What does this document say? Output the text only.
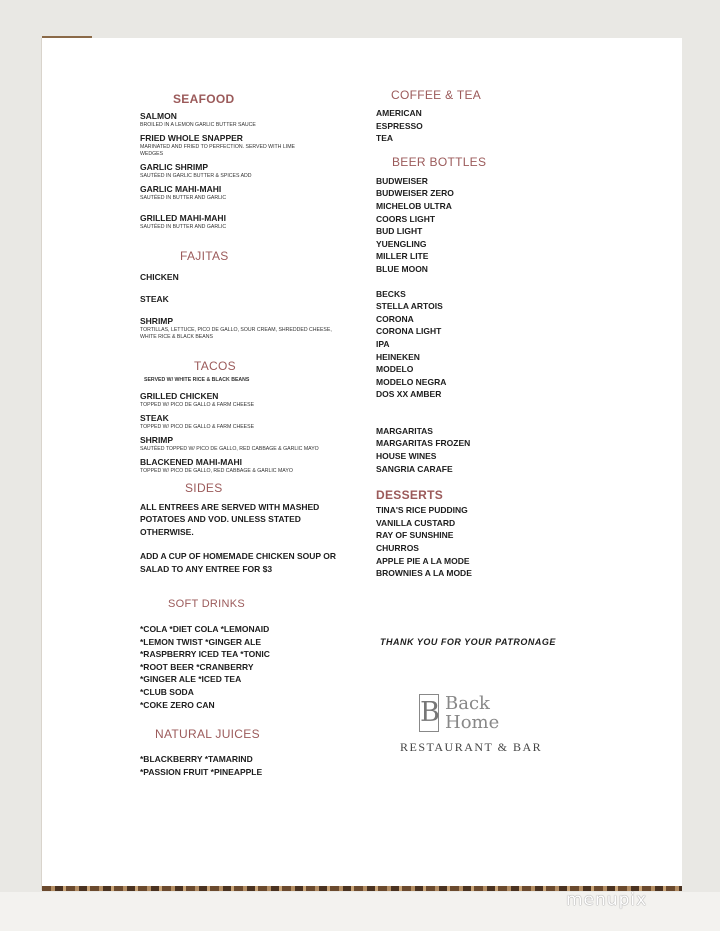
SEAFOOD
SALMON
BROILED IN A LEMON GARLIC BUTTER SAUCE
FRIED WHOLE SNAPPER
MARINATED AND FRIED TO PERFECTION. SERVED WITH LIME WEDGES
GARLIC SHRIMP
SAUTÉED IN GARLIC BUTTER & SPICES ADD
GARLIC MAHI-MAHI
SAUTÉED IN BUTTER AND GARLIC
GRILLED MAHI-MAHI
SAUTÉED IN BUTTER AND GARLIC
FAJITAS
CHICKEN
STEAK
SHRIMP
TORTILLAS, LETTUCE, PICO DE GALLO, SOUR CREAM, SHREDDED CHEESE, WHITE RICE & BLACK BEANS
TACOS
SERVED W/ WHITE RICE & BLACK BEANS
GRILLED CHICKEN
TOPPED W/ PICO DE GALLO & FARM CHEESE
STEAK
TOPPED W/ PICO DE GALLO & FARM CHEESE
SHRIMP
SAUTÉED TOPPED W/ PICO DE GALLO, RED CABBAGE & GARLIC MAYO
BLACKENED MAHI-MAHI
TOPPED W/ PICO DE GALLO, RED CABBAGE & GARLIC MAYO
SIDES
ALL ENTREES ARE SERVED WITH MASHED POTATOES AND VOD. UNLESS STATED OTHERWISE.
ADD A CUP OF HOMEMADE CHICKEN SOUP OR SALAD TO ANY ENTREE FOR $3
SOFT DRINKS
*COLA *DIET COLA *LEMONAID
*LEMON TWIST *GINGER ALE
*RASPBERRY ICED TEA *TONIC
*ROOT BEER *CRANBERRY
*GINGER ALE *ICED TEA
*CLUB SODA
*COKE ZERO CAN
NATURAL JUICES
*BLACKBERRY *TAMARIND
*PASSION FRUIT *PINEAPPLE
COFFEE & TEA
AMERICAN
ESPRESSO
TEA
BEER BOTTLES
BUDWEISER
BUDWEISER ZERO
MICHELOB ULTRA
COORS LIGHT
BUD LIGHT
YUENGLING
MILLER LITE
BLUE MOON
BECKS
STELLA ARTOIS
CORONA
CORONA LIGHT
IPA
HEINEKEN
MODELO
MODELO NEGRA
DOS XX AMBER
MARGARITAS
MARGARITAS FROZEN
HOUSE WINES
SANGRIA CARAFE
DESSERTS
TINA'S RICE PUDDING
VANILLA CUSTARD
RAY OF SUNSHINE
CHURROS
APPLE PIE A LA MODE
BROWNIES A LA MODE
THANK YOU FOR YOUR PATRONAGE
B Back
Home
RESTAURANT & BAR
menupix
